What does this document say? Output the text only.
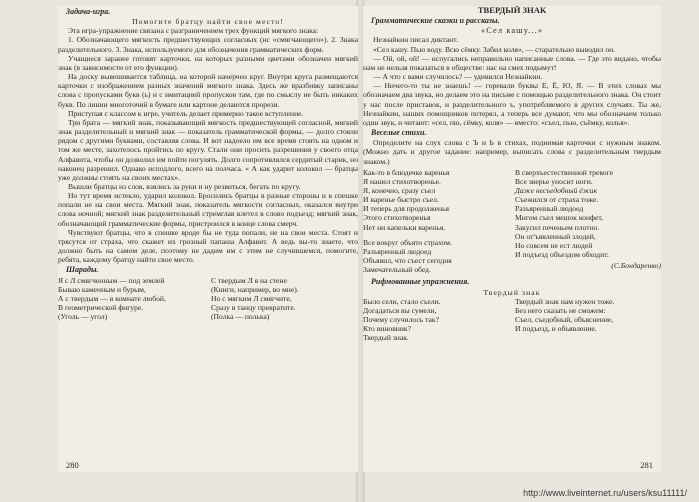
Задача-игра.

Помогите братцу найти свое место!

Эта игра-упражнение связана с разграничением трех функций мягкого знака:

1. Обозначающего мягкость предшествующих согласных (нс «смягчающего»). 2. Знака разделительного. 3. Знака, используемого для обозначения грамматических форм.

Учащиеся заранее готовят карточки, на которых разными цветами обозначен мягкий знак (в зависимости от его функции).

На доску вывешивается таблица, на которой начерчен круг. Внутри круга размещаются карточки с изображением разных значений мягкого знака. Здесь же вразбивку записаны слова с пропусками букв (ь) и с имитацией пропусков там, где по смыслу не быть никаких букв. По линии многоточий в бумаге или картоне делаются прорези.

Приступая с классом к игре, учитель делает примерно такое вступление.

Три брата — мягкий знак, показывающий мягкость предшествующей согласной, мягкий знак разделительный и мягкий знак — показатель грамматической формы, — долго стояли рядом с другими буквами, составляя слова. И вот надоело им все время стоять на одном и том же месте, захотелось пройтись по кругу. Стали они просить разрешения у своего отца Алфавита, чтобы он дозволил им пойти погулять. Долго сопротивлялся сердитый старик, но наконец разрешил. Однако исподлого, всего на полчаса. « А как ударит колокол — братцы уже должны стоять на своих местах».

Вышли братцы из слов, взялись за руки и ну резвиться, бегать по кругу.

Но тут время истекло, ударил колокол. Бросились братцы в разные стороны и в спешке попали не на свои места. Мягкий знак, показатель мягкости согласных, оказался внутри слова ночной; мягкий знак разделительный стремглав влетел в слово подъезд; мягкий знак, обозначающий грамматические формы, пристроился в конце слова смерч.

Чувствуют братцы, что в спешке вроде бы не туда попали, не на свои места. Стоят и трясутся от страха, что скажет их грозный папаша Алфавит. А ведь вы-то знаете, что должно быть на самом деле, поэтому не дадим им с этим не случившемся, помогите, ребята, каждому братцу найти свое место.

Шарады.
Я с Л смягченным — под землей
Бываю каменным и бурым,
А с твердым — в комнате любой,
В геометрической фигуре.
(Уголь — угол)
С твердым Л я на стене
(Книги, например, во мне).
Но с мягким Л смягчите,
Сразу в танцу превратите.
(Полка — полька)
280

ТВЕРДЫЙ ЗНАК

Грамматические сказки и рассказы.

«Сел кашу...»

Незнайкин писал диктант.

«Сел кашу. Пью воду. Всю сёмку. Забил коля», — старательно выводил он.

— Ой, ой, ой! — испугались неправильно написанные слова. — Где это видано, чтобы нам не нельзя показаться в обществе: нас на смех подымут!

— А что с вами случилось? — удивился Незнайкин.

— Ничего-то ты не знаешь! — горевали буквы Е, Ё, Ю, Я. — В этих словах мы обозначаем два звука, но делаем это на письме с помощью разделительного знака. Он стоит у нас после приставок, и разделительного ъ, употребляемого в других случаях. Ты же, Незнайкин, наших помощников потерял, а теперь все думают, что мы обозначаем только один звук, и читают: «сел, пю, сёмку, коля» — вместо: «съел, пью, съёмку, колья».

Веселые стихи.

Определите на слух слова с Ъ и Ь в стихах, поднимая карточки с нужным знаком. (Можно дать и другое задание: например, выписать слова с разделительным твердым знаком.)

Как-то в блюдечке варенья
Я нашел стихотворенье.
Я, конечно, сразу съел
И варенье быстро съел.
И теперь для продолженья
Этого стихотворенья
Нет ни капельки варенья.
Все вокруг объято страхом.
Разъяренный людоед
Объявил, что съест сегодня
Замечательный обед.
В сверхъестественной тревоге
Все зверье уносит ноги.
Даже несъедобный ёжик
Съежился от страха тоже.
Разъяренный людоед
Мигом съел мешок конфет,
Закусил печеньем плотно.
Он от'ъявленный злодей,
Но совсем не ест людей
И подъезд объездом обходит.
(С.Бондаренко)
Рифмованные упражнения.

Твердый знак

Было сели, стало съели.
Догадаться вы сумели,
Почему случилось так?
Кто виновник?
Твердый знак.
Твердый знак нам нужен тоже.
Без него сказать не сможем:
Съел, съедобный, объяснение,
И подъезд, и объявление.
281
http://www.liveinternet.ru/users/ksu11111/
